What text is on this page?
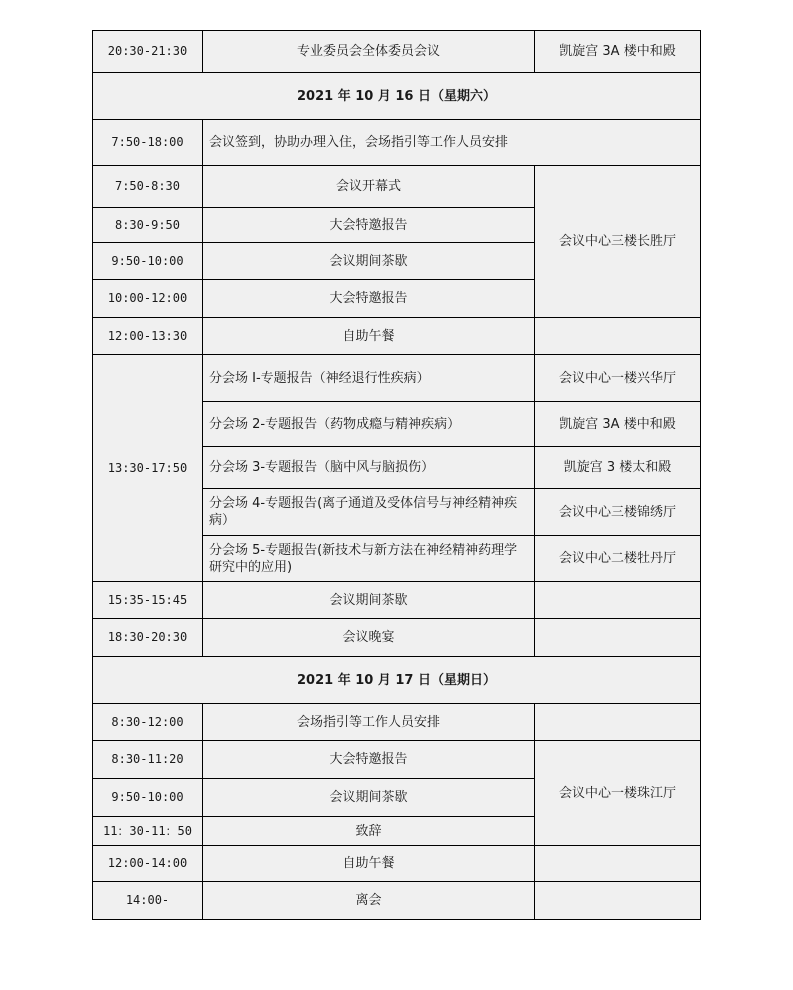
20:30-21:30	专业委员会全体委员会议	凯旋宫 3A 楼中和殿
2021 年 10 月 16 日（星期六）		
7:50-18:00	会议签到，协助办理入住，会场指引等工作人员安排	
7:50-8:30	会议开幕式	会议中心三楼长胜厅
8:30-9:50	大会特邀报告	
9:50-10:00	会议期间茶歇	
10:00-12:00	大会特邀报告	
12:00-13:30	自助午餐	
13:30-17:50	分会场 I-专题报告（神经退行性疾病）	会议中心一楼兴华厅
	分会场 2-专题报告（药物成瘾与精神疾病）	凯旋宫 3A 楼中和殿
	分会场 3-专题报告（脑中风与脑损伤）	凯旋宫 3 楼太和殿
	分会场 4-专题报告(离子通道及受体信号与神经精神疾病）	会议中心三楼锦绣厅
	分会场 5-专题报告(新技术与新方法在神经精神药理学研究中的应用)	会议中心二楼牡丹厅
15:35-15:45	会议期间茶歇	
18:30-20:30	会议晚宴	
2021 年 10 月 17 日（星期日）		
8:30-12:00	会场指引等工作人员安排	
8:30-11:20	大会特邀报告	会议中心一楼珠江厅
9:50-10:00	会议期间茶歇	
11：30-11：50	致辞	
12:00-14:00	自助午餐	
14:00-	离会	
